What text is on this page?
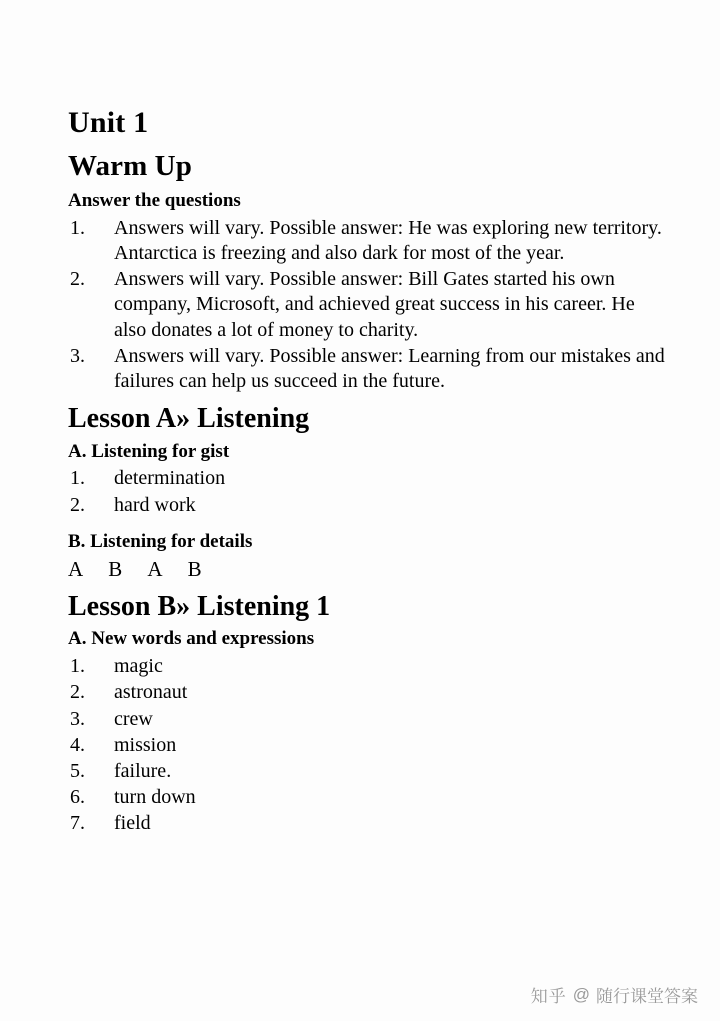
Unit 1
Warm Up
Answer the questions
1.	Answers will vary. Possible answer: He was exploring new territory. Antarctica is freezing and also dark for most of the year.
2.	Answers will vary. Possible answer: Bill Gates started his own company, Microsoft, and achieved great success in his career. He also donates a lot of money to charity.
3.	Answers will vary. Possible answer: Learning from our mistakes and failures can help us succeed in the future.
Lesson A» Listening
A. Listening for gist
1.	determination
2.	hard work
B. Listening for details
A     B     A     B
Lesson B» Listening 1
A. New words and expressions
1.	magic
2.	astronaut
3.	crew
4.	mission
5.	failure.
6.	turn down
7.	field
知乎 @ 随行课堂答案
